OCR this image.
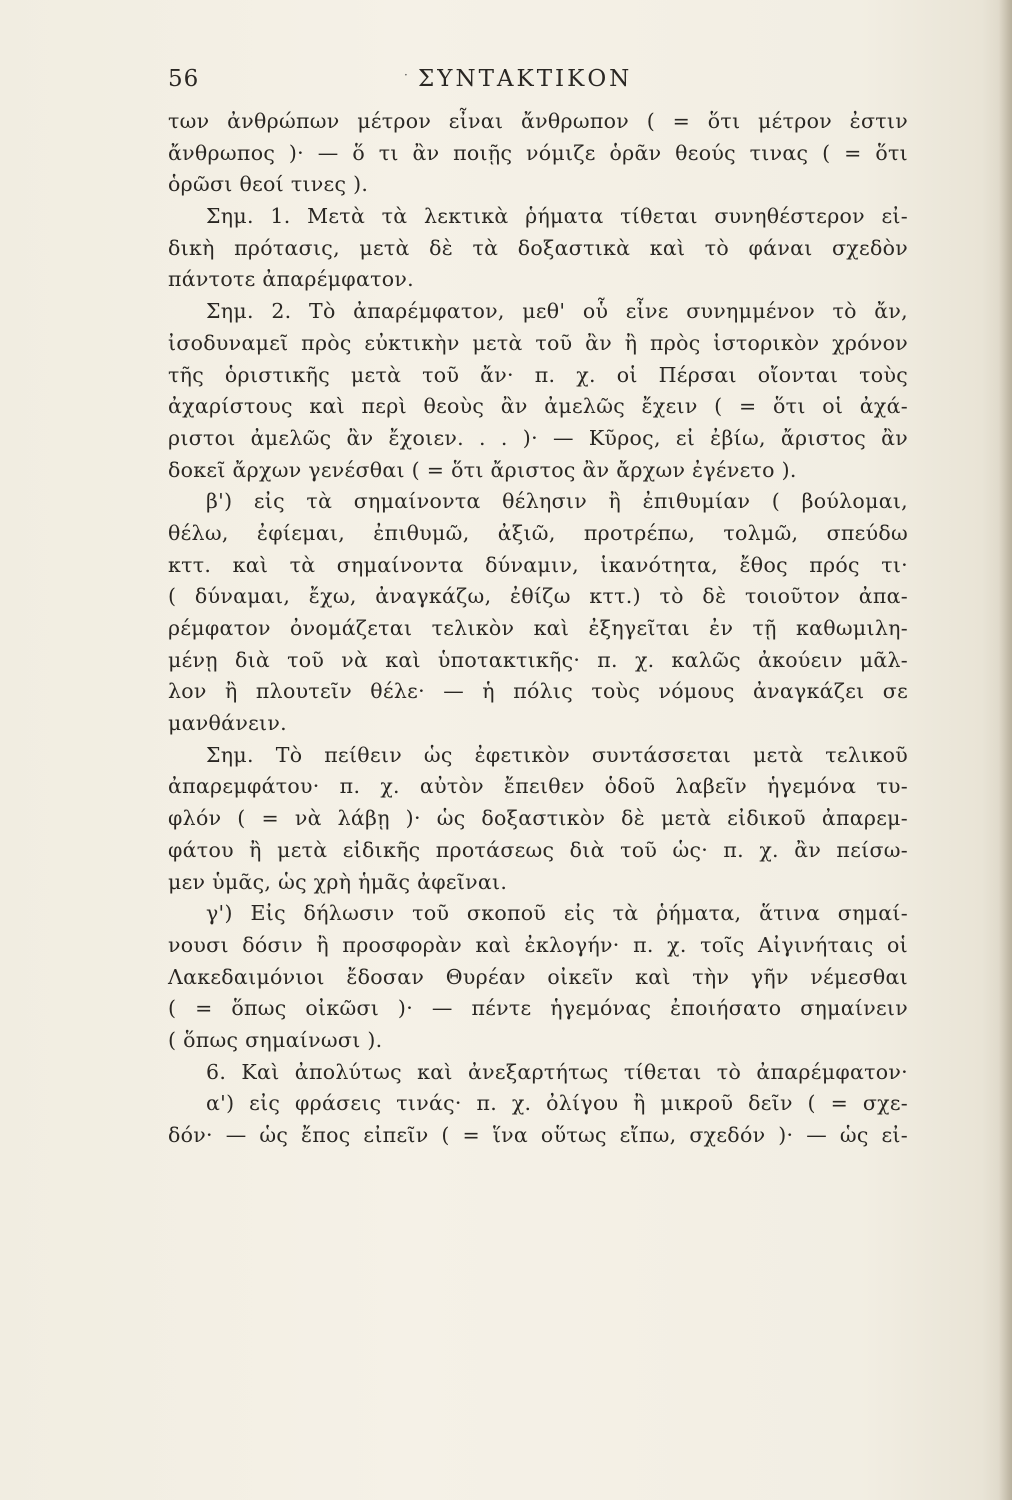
56	· ΣΥΝΤΑΚΤΙΚΟΝ
των ἀνθρώπων μέτρον εἶναι ἄνθρωπον ( = ὅτι μέτρον ἐστιν
ἄνθρωπος )· — ὅ τι ἂν ποιῇς νόμιζε ὁρᾶν θεούς τινας ( = ὅτι
ὁρῶσι θεοί τινες ).
Σημ. 1. Μετὰ τὰ λεκτικὰ ῥήματα τίθεται συνηθέστερον εἰ-
δικὴ πρότασις, μετὰ δὲ τὰ δοξαστικὰ καὶ τὸ φάναι σχεδὸν
πάντοτε ἀπαρέμφατον.
Σημ. 2. Τὸ ἀπαρέμφατον, μεθ' οὗ εἶνε συνημμένον τὸ ἄν,
ἰσοδυναμεῖ πρὸς εὐκτικὴν μετὰ τοῦ ἂν ἢ πρὸς ἱστορικὸν χρόνον
τῆς ὁριστικῆς μετὰ τοῦ ἄν· π. χ. οἱ Πέρσαι οἴονται τοὺς
ἀχαρίστους καὶ περὶ θεοὺς ἂν ἀμελῶς ἔχειν ( = ὅτι οἱ ἀχά-
ριστοι ἀμελῶς ἂν ἔχοιεν. . . )· — Κῦρος, εἰ ἐβίω, ἄριστος ἂν
δοκεῖ ἄρχων γενέσθαι ( = ὅτι ἄριστος ἂν ἄρχων ἐγένετο ).
β') εἰς τὰ σημαίνοντα θέλησιν ἢ ἐπιθυμίαν ( βούλομαι,
θέλω, ἐφίεμαι, ἐπιθυμῶ, ἀξιῶ, προτρέπω, τολμῶ, σπεύδω
κττ. καὶ τὰ σημαίνοντα δύναμιν, ἱκανότητα, ἔθος πρός τι·
( δύναμαι, ἔχω, ἀναγκάζω, ἐθίζω κττ.) τὸ δὲ τοιοῦτον ἀπα-
ρέμφατον ὀνομάζεται τελικὸν καὶ ἐξηγεῖται ἐν τῇ καθωμιλη-
μένῃ διὰ τοῦ νὰ καὶ ὑποτακτικῆς· π. χ. καλῶς ἀκούειν μᾶλ-
λον ἢ πλουτεῖν θέλε· — ἡ πόλις τοὺς νόμους ἀναγκάζει σε
μανθάνειν.
Σημ. Τὸ πείθειν ὡς ἐφετικὸν συντάσσεται μετὰ τελικοῦ
ἀπαρεμφάτου· π. χ. αὐτὸν ἔπειθεν ὁδοῦ λαβεῖν ἡγεμόνα τυ-
φλόν ( = νὰ λάβῃ )· ὡς δοξαστικὸν δὲ μετὰ εἰδικοῦ ἀπαρεμ-
φάτου ἢ μετὰ εἰδικῆς προτάσεως διὰ τοῦ ὡς· π. χ. ἂν πείσω-
μεν ὑμᾶς, ὡς χρὴ ἡμᾶς ἀφεῖναι.
γ') Εἰς δήλωσιν τοῦ σκοποῦ εἰς τὰ ῥήματα, ἅτινα σημαί-
νουσι δόσιν ἢ προσφορὰν καὶ ἐκλογήν· π. χ. τοῖς Αἰγινήταις οἱ
Λακεδαιμόνιοι ἔδοσαν Θυρέαν οἰκεῖν καὶ τὴν γῆν νέμεσθαι
( = ὅπως οἰκῶσι )· — πέντε ἡγεμόνας ἐποιήσατο σημαίνειν
( ὅπως σημαίνωσι ).
6. Καὶ ἀπολύτως καὶ ἀνεξαρτήτως τίθεται τὸ ἀπαρέμφατον·
α') εἰς φράσεις τινάς· π. χ. ὀλίγου ἢ μικροῦ δεῖν ( = σχε-
δόν· — ὡς ἔπος εἰπεῖν ( = ἵνα οὕτως εἴπω, σχεδόν )· — ὡς εἰ-
